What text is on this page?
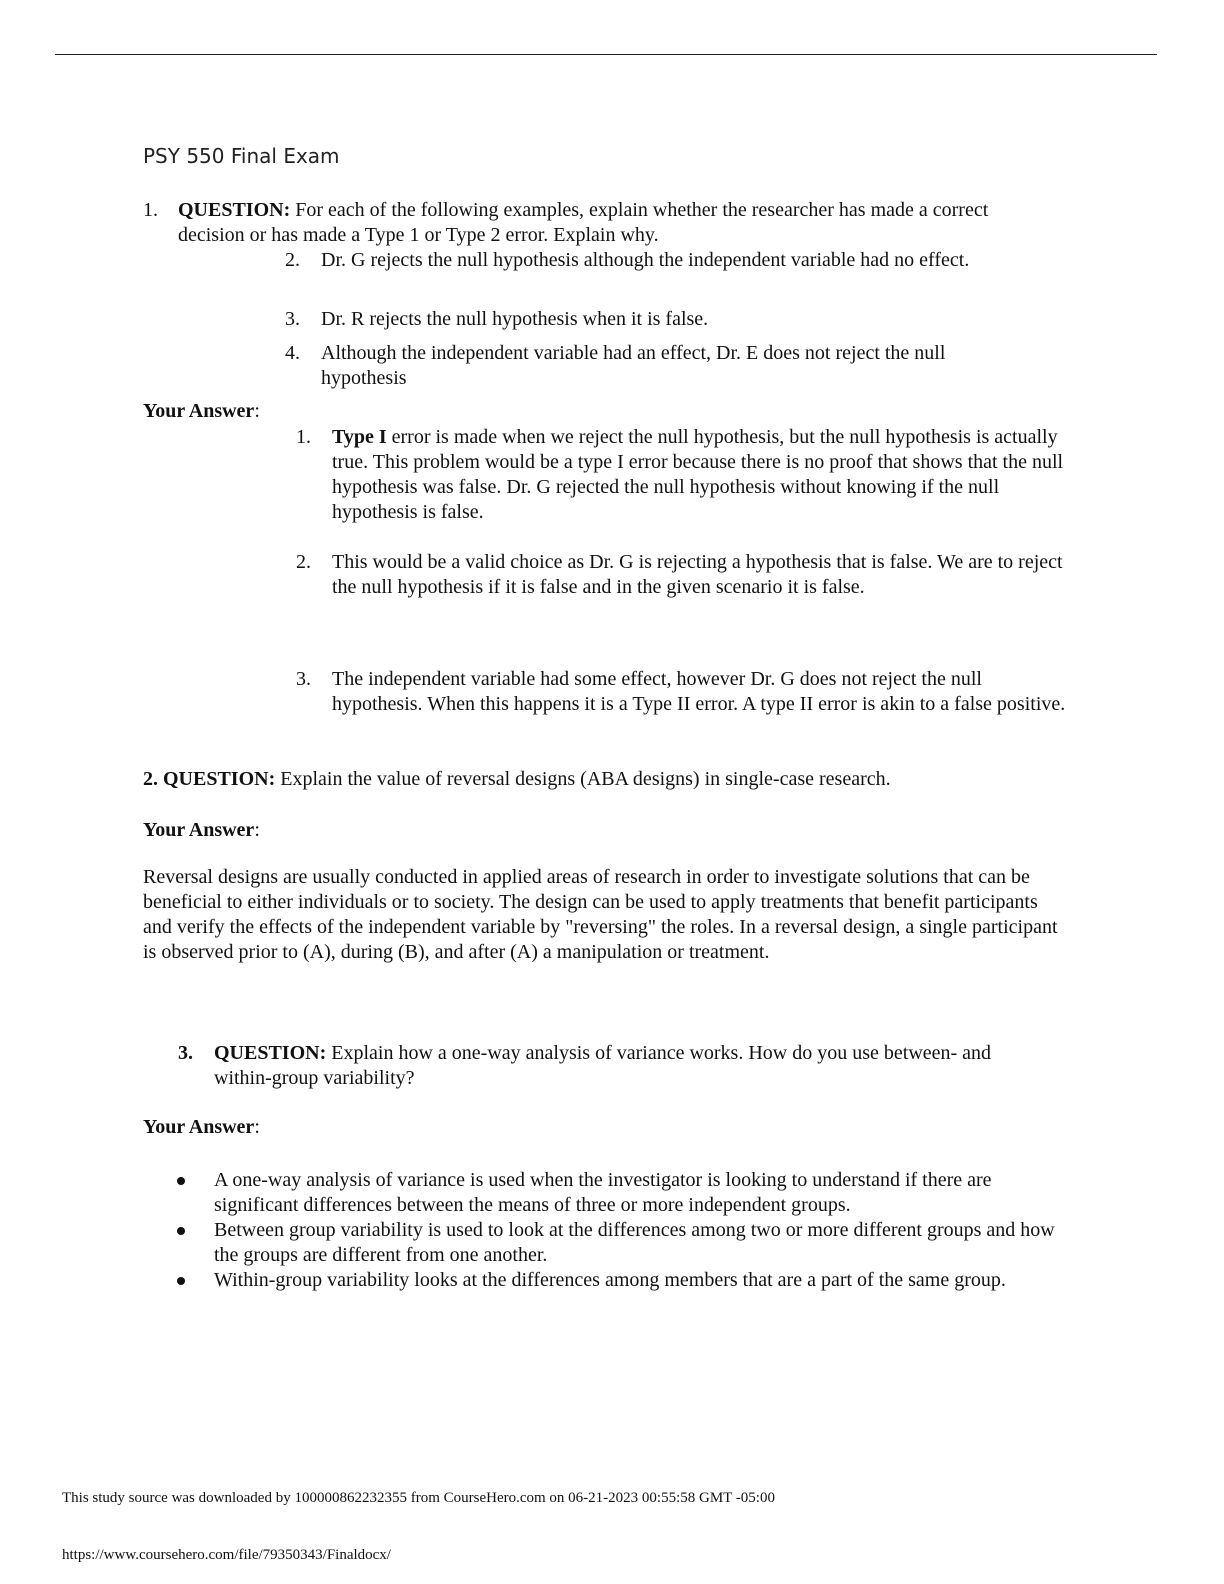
PSY 550 Final Exam
1. QUESTION: For each of the following examples, explain whether the researcher has made a correct decision or has made a Type 1 or Type 2 error. Explain why.
2. Dr. G rejects the null hypothesis although the independent variable had no effect.
3. Dr. R rejects the null hypothesis when it is false.
4. Although the independent variable had an effect, Dr. E does not reject the null hypothesis
Your Answer:
1. Type I error is made when we reject the null hypothesis, but the null hypothesis is actually true. This problem would be a type I error because there is no proof that shows that the null hypothesis was false. Dr. G rejected the null hypothesis without knowing if the null hypothesis is false.
2. This would be a valid choice as Dr. G is rejecting a hypothesis that is false. We are to reject the null hypothesis if it is false and in the given scenario it is false.
3. The independent variable had some effect, however Dr. G does not reject the null hypothesis. When this happens it is a Type II error. A type II error is akin to a false positive.
2. QUESTION: Explain the value of reversal designs (ABA designs) in single-case research.
Your Answer:
Reversal designs are usually conducted in applied areas of research in order to investigate solutions that can be beneficial to either individuals or to society. The design can be used to apply treatments that benefit participants and verify the effects of the independent variable by "reversing" the roles. In a reversal design, a single participant is observed prior to (A), during (B), and after (A) a manipulation or treatment.
3. QUESTION: Explain how a one-way analysis of variance works. How do you use between- and within-group variability?
Your Answer:
A one-way analysis of variance is used when the investigator is looking to understand if there are significant differences between the means of three or more independent groups.
Between group variability is used to look at the differences among two or more different groups and how the groups are different from one another.
Within-group variability looks at the differences among members that are a part of the same group.
This study source was downloaded by 100000862232355 from CourseHero.com on 06-21-2023 00:55:58 GMT -05:00
https://www.coursehero.com/file/79350343/Finaldocx/
